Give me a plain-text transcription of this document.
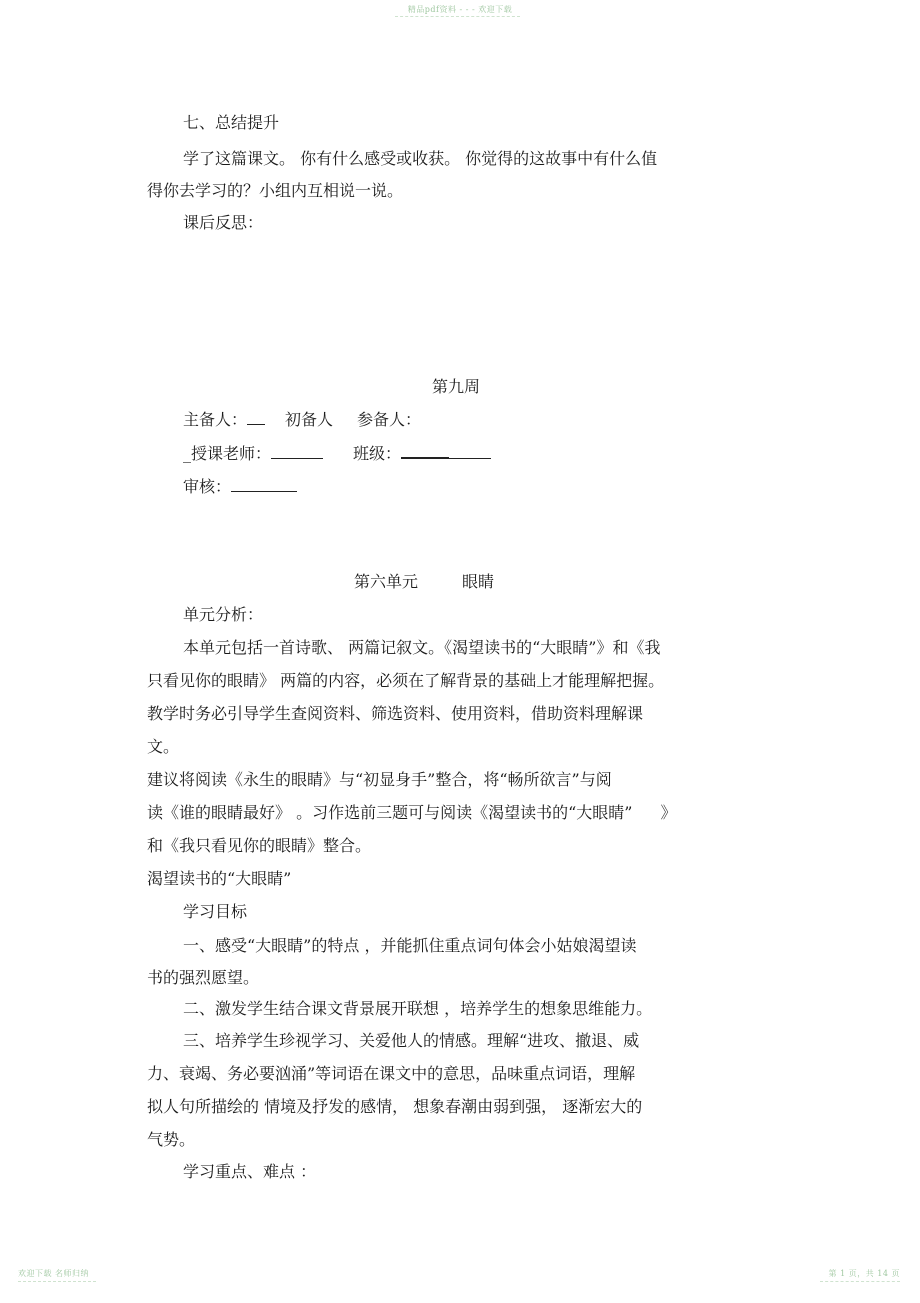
精品pdf资料 - - - 欢迎下载
七、总结提升
学了这篇课文。 你有什么感受或收获。 你觉得的这故事中有什么值
得你去学习的？小组内互相说一说。
课后反思：
第九周
主备人： 初备人 参备人：
_授课老师：	班级：
审核：
第六单元	眼睛
单元分析：
本单元包括一首诗歌、 两篇记叙文。《渴望读书的“大眼睛”》和《我
只看见你的眼睛》 两篇的内容，必须在了解背景的基础上才能理解把握。
教学时务必引导学生查阅资料、筛选资料、使用资料，借助资料理解课
文。
建议将阅读《永生的眼睛》与“初显身手”整合，将“畅所欲言”与阅
读《谁的眼睛最好》 。习作选前三题可与阅读《渴望读书的“大眼睛” 》
和《我只看见你的眼睛》整合。
渴望读书的“大眼睛”
学习目标
一、感受“大眼睛”的特点 ，并能抓住重点词句体会小姑娘渴望读
书的强烈愿望。
二、激发学生结合课文背景展开联想 ，培养学生的想象思维能力。
三、培养学生珍视学习、关爱他人的情感。理解“进攻、撤退、威
力、衰竭、务必要汹涌”等词语在课文中的意思，品味重点词语，理解
拟人句所描绘的 情境及抒发的感情， 想象春潮由弱到强， 逐渐宏大的
气势。
学习重点、难点 ：
欢迎下载 名师归纳	第 1 页，共 14 页
